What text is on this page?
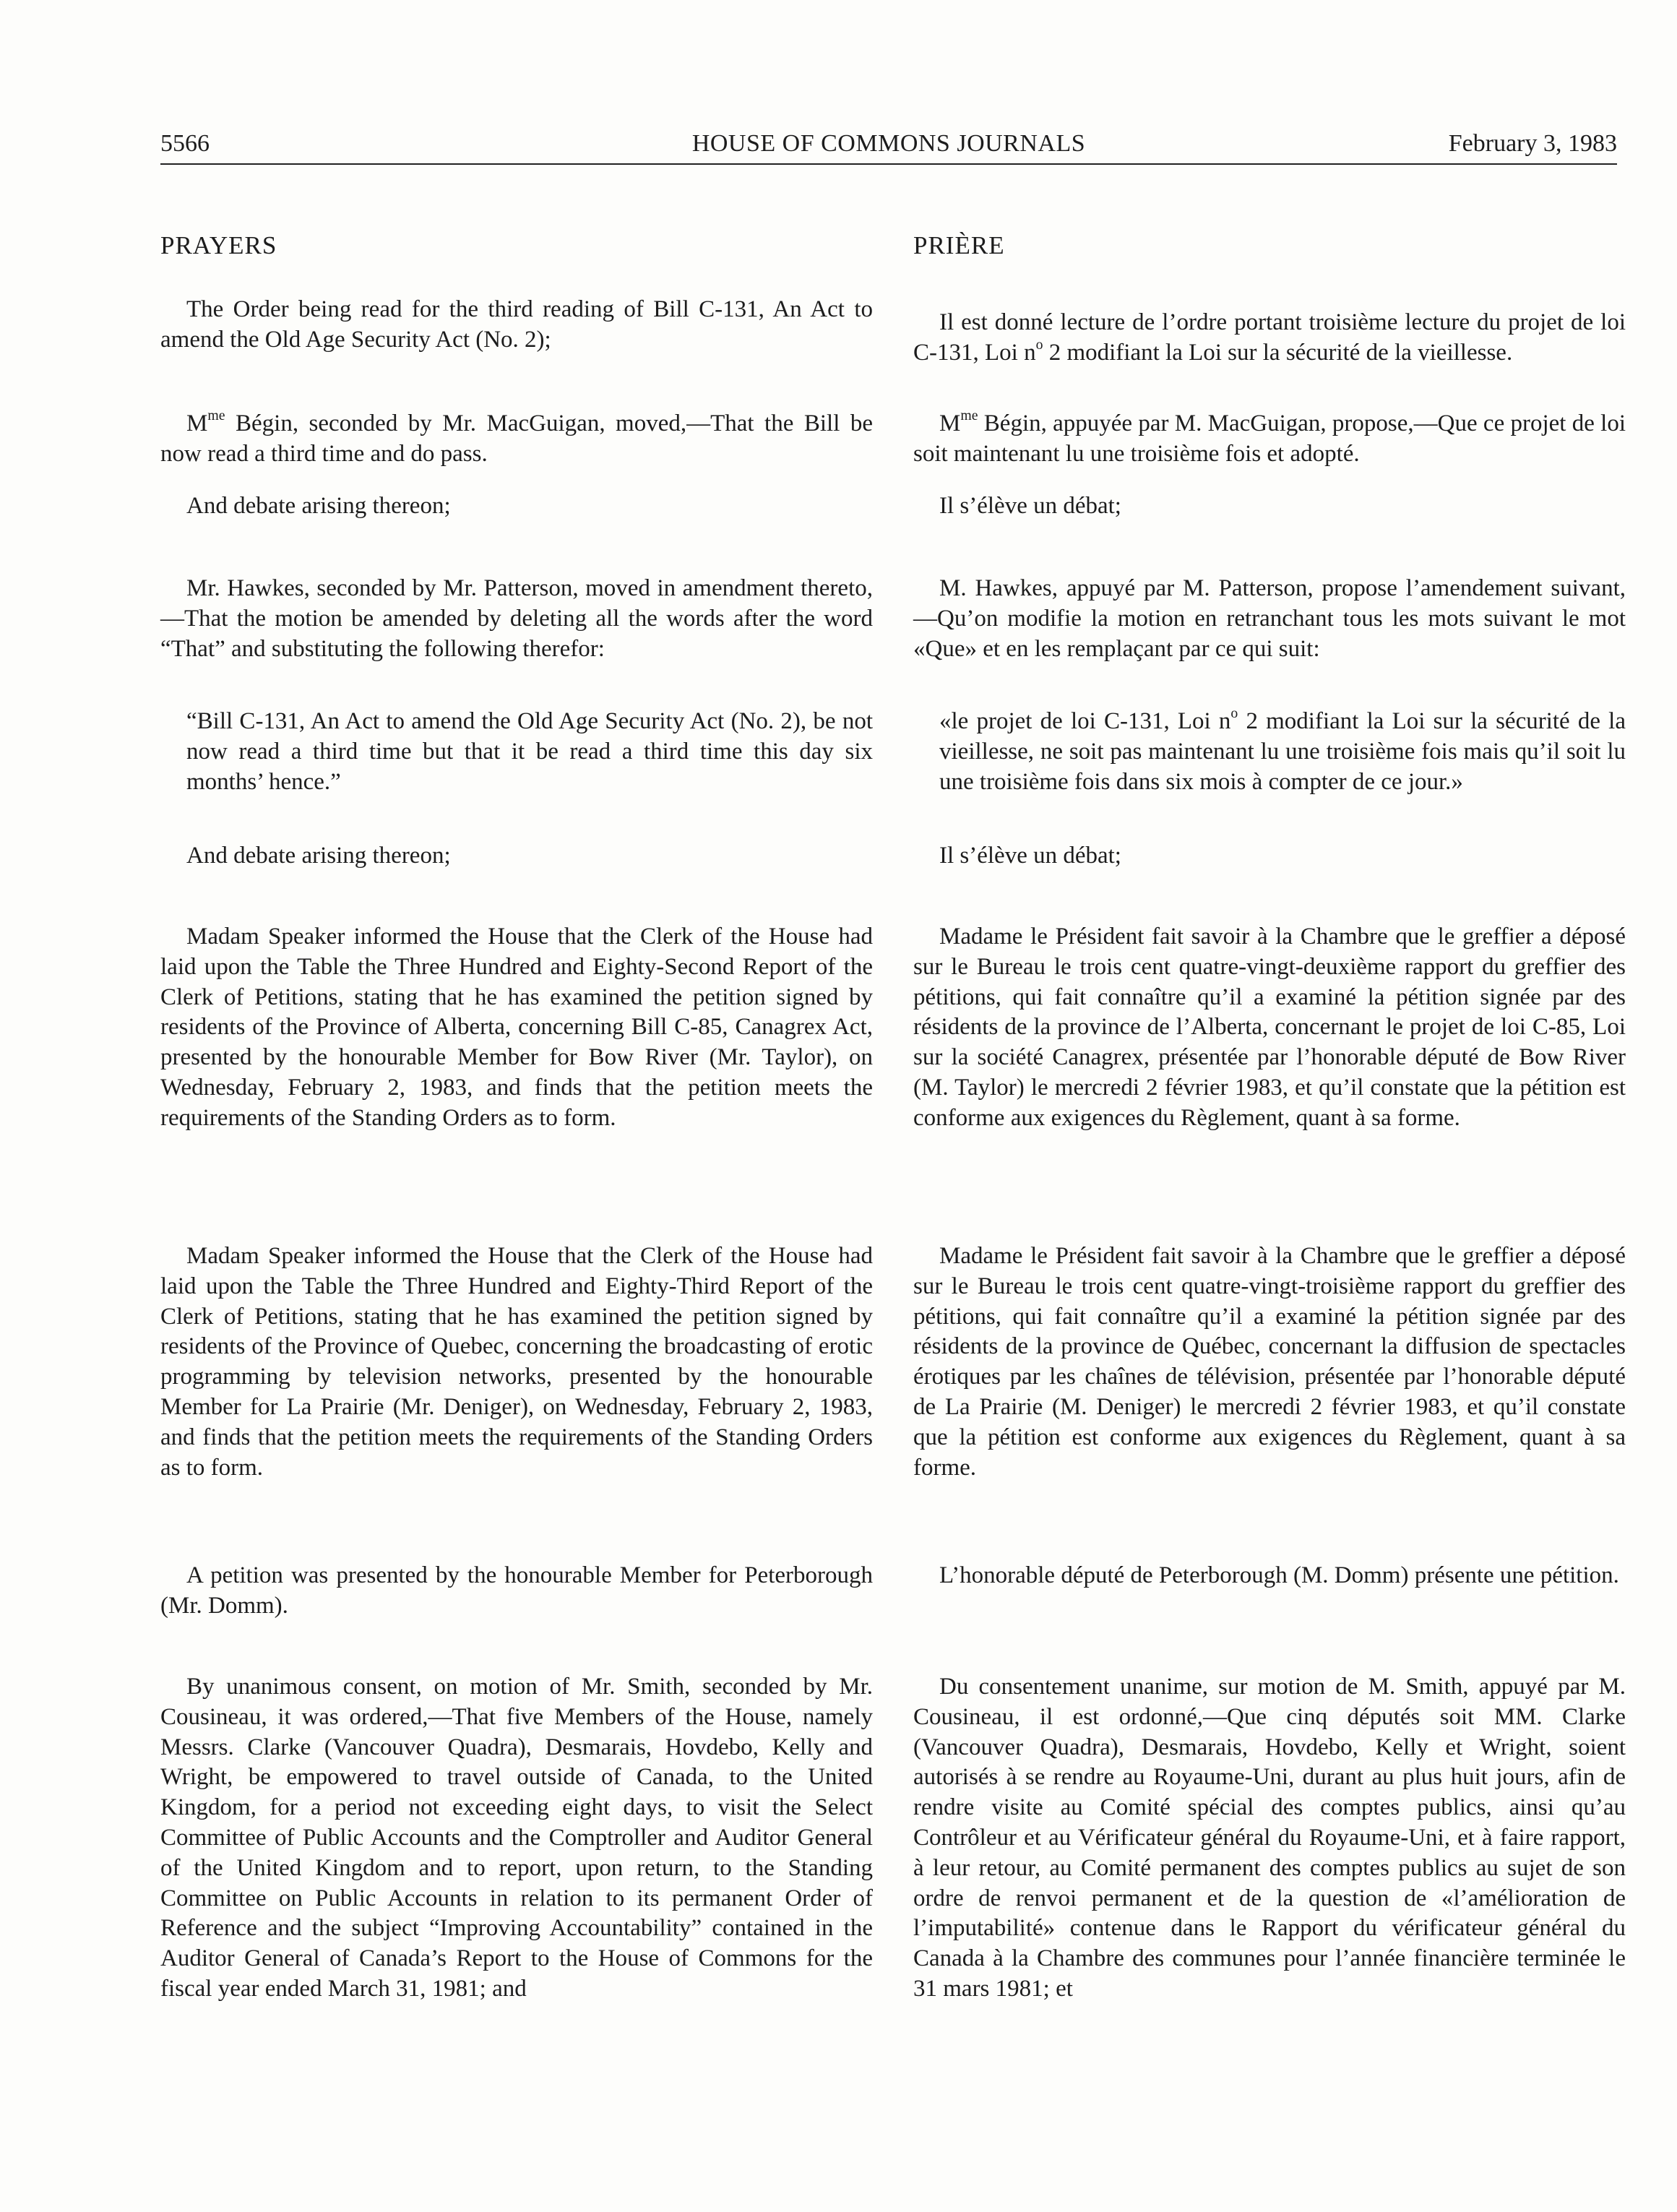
5566	HOUSE OF COMMONS JOURNALS	February 3, 1983
PRAYERS
The Order being read for the third reading of Bill C-131, An Act to amend the Old Age Security Act (No. 2);
$M^{me}$ Bégin, seconded by Mr. MacGuigan, moved,—That the Bill be now read a third time and do pass.
And debate arising thereon;
Mr. Hawkes, seconded by Mr. Patterson, moved in amendment thereto,—That the motion be amended by deleting all the words after the word “That” and substituting the following therefor:
“Bill C-131, An Act to amend the Old Age Security Act (No. 2), be not now read a third time but that it be read a third time this day six months’ hence.”
And debate arising thereon;
Madam Speaker informed the House that the Clerk of the House had laid upon the Table the Three Hundred and Eighty-Second Report of the Clerk of Petitions, stating that he has examined the petition signed by residents of the Province of Alberta, concerning Bill C-85, Canagrex Act, presented by the honourable Member for Bow River (Mr. Taylor), on Wednesday, February 2, 1983, and finds that the petition meets the requirements of the Standing Orders as to form.
Madam Speaker informed the House that the Clerk of the House had laid upon the Table the Three Hundred and Eighty-Third Report of the Clerk of Petitions, stating that he has examined the petition signed by residents of the Province of Quebec, concerning the broadcasting of erotic programming by television networks, presented by the honourable Member for La Prairie (Mr. Deniger), on Wednesday, February 2, 1983, and finds that the petition meets the requirements of the Standing Orders as to form.
A petition was presented by the honourable Member for Peterborough (Mr. Domm).
By unanimous consent, on motion of Mr. Smith, seconded by Mr. Cousineau, it was ordered,—That five Members of the House, namely Messrs. Clarke (Vancouver Quadra), Desmarais, Hovdebo, Kelly and Wright, be empowered to travel outside of Canada, to the United Kingdom, for a period not exceeding eight days, to visit the Select Committee of Public Accounts and the Comptroller and Auditor General of the United Kingdom and to report, upon return, to the Standing Committee on Public Accounts in relation to its permanent Order of Reference and the subject “Improving Accountability” contained in the Auditor General of Canada’s Report to the House of Commons for the fiscal year ended March 31, 1981; and
PRIÈRE
Il est donné lecture de l’ordre portant troisième lecture du projet de loi C-131, Loi $n^o$ 2 modifiant la Loi sur la sécurité de la vieillesse.
$M^{me}$ Bégin, appuyée par M. MacGuigan, propose,—Que ce projet de loi soit maintenant lu une troisième fois et adopté.
Il s’élève un débat;
M. Hawkes, appuyé par M. Patterson, propose l’amendement suivant,—Qu’on modifie la motion en retranchant tous les mots suivant le mot «Que» et en les remplaçant par ce qui suit:
«le projet de loi C-131, Loi $n^o$ 2 modifiant la Loi sur la sécurité de la vieillesse, ne soit pas maintenant lu une troisième fois mais qu’il soit lu une troisième fois dans six mois à compter de ce jour.»
Il s’élève un débat;
Madame le Président fait savoir à la Chambre que le greffier a déposé sur le Bureau le trois cent quatre-vingt-deuxième rapport du greffier des pétitions, qui fait connaître qu’il a examiné la pétition signée par des résidents de la province de l’Alberta, concernant le projet de loi C-85, Loi sur la société Canagrex, présentée par l’honorable député de Bow River (M. Taylor) le mercredi 2 février 1983, et qu’il constate que la pétition est conforme aux exigences du Règlement, quant à sa forme.
Madame le Président fait savoir à la Chambre que le greffier a déposé sur le Bureau le trois cent quatre-vingt-troisième rapport du greffier des pétitions, qui fait connaître qu’il a examiné la pétition signée par des résidents de la province de Québec, concernant la diffusion de spectacles érotiques par les chaînes de télévision, présentée par l’honorable député de La Prairie (M. Deniger) le mercredi 2 février 1983, et qu’il constate que la pétition est conforme aux exigences du Règlement, quant à sa forme.
L’honorable député de Peterborough (M. Domm) présente une pétition.
Du consentement unanime, sur motion de M. Smith, appuyé par M. Cousineau, il est ordonné,—Que cinq députés soit MM. Clarke (Vancouver Quadra), Desmarais, Hovdebo, Kelly et Wright, soient autorisés à se rendre au Royaume-Uni, durant au plus huit jours, afin de rendre visite au Comité spécial des comptes publics, ainsi qu’au Contrôleur et au Vérificateur général du Royaume-Uni, et à faire rapport, à leur retour, au Comité permanent des comptes publics au sujet de son ordre de renvoi permanent et de la question de «l’amélioration de l’imputabilité» contenue dans le Rapport du vérificateur général du Canada à la Chambre des communes pour l’année financière terminée le 31 mars 1981; et
